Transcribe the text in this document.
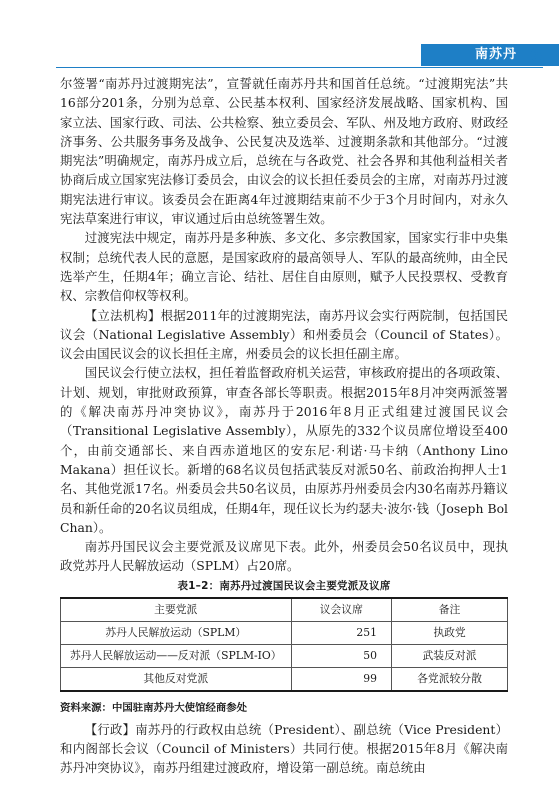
南苏丹 6

尔签署“南苏丹过渡期宪法”，宣誓就任南苏丹共和国首任总统。“过渡期宪法”共16部分201条，分别为总章、公民基本权利、国家经济发展战略、国家机构、国家立法、国家行政、司法、公共检察、独立委员会、军队、州及地方政府、财政经济事务、公共服务事务及战争、公民复决及选举、过渡期条款和其他部分。“过渡期宪法”明确规定，南苏丹成立后，总统在与各政党、社会各界和其他利益相关者协商后成立国家宪法修订委员会，由议会的议长担任委员会的主席，对南苏丹过渡期宪法进行审议。该委员会在距离4年过渡期结束前不少于3个月时间内，对永久宪法草案进行审议，审议通过后由总统签署生效。

过渡宪法中规定，南苏丹是多种族、多文化、多宗教国家，国家实行非中央集权制；总统代表人民的意愿，是国家政府的最高领导人、军队的最高统帅，由全民选举产生，任期4年；确立言论、结社、居住自由原则，赋予人民投票权、受教育权、宗教信仰权等权利。

【立法机构】根据2011年的过渡期宪法，南苏丹议会实行两院制，包括国民议会（National Legislative Assembly）和州委员会（Council of States）。议会由国民议会的议长担任主席，州委员会的议长担任副主席。

国民议会行使立法权，担任着监督政府机关运营，审核政府提出的各项政策、计划、规划，审批财政预算，审查各部长等职责。根据2015年8月冲突两派签署的《解决南苏丹冲突协议》，南苏丹于2016年8月正式组建过渡国民议会（Transitional Legislative Assembly），从原先的332个议员席位增设至400个，由前交通部长、来自西赤道地区的安东尼·利诺·马卡纳（Anthony Lino Makana）担任议长。新增的68名议员包括武装反对派50名、前政治拘押人士1名、其他党派17名。州委员会共50名议员，由原苏丹州委员会内30名南苏丹籍议员和新任命的20名议员组成，任期4年，现任议长为约瑟夫·波尔·钱（Joseph Bol Chan）。

南苏丹国民议会主要党派及议席见下表。此外，州委员会50名议员中，现执政党苏丹人民解放运动（SPLM）占20席。

表1–2：南苏丹过渡国民议会主要党派及议席
主要党派	议会议席	备注
苏丹人民解放运动（SPLM）	251	执政党
苏丹人民解放运动——反对派（SPLM-IO）	50	武装反对派
其他反对党派	99	各党派较分散
资料来源：中国驻南苏丹大使馆经商参处

【行政】南苏丹的行政权由总统（President）、副总统（Vice President）和内阁部长会议（Council of Ministers）共同行使。根据2015年8月《解决南苏丹冲突协议》，南苏丹组建过渡政府，增设第一副总统。南总统由
